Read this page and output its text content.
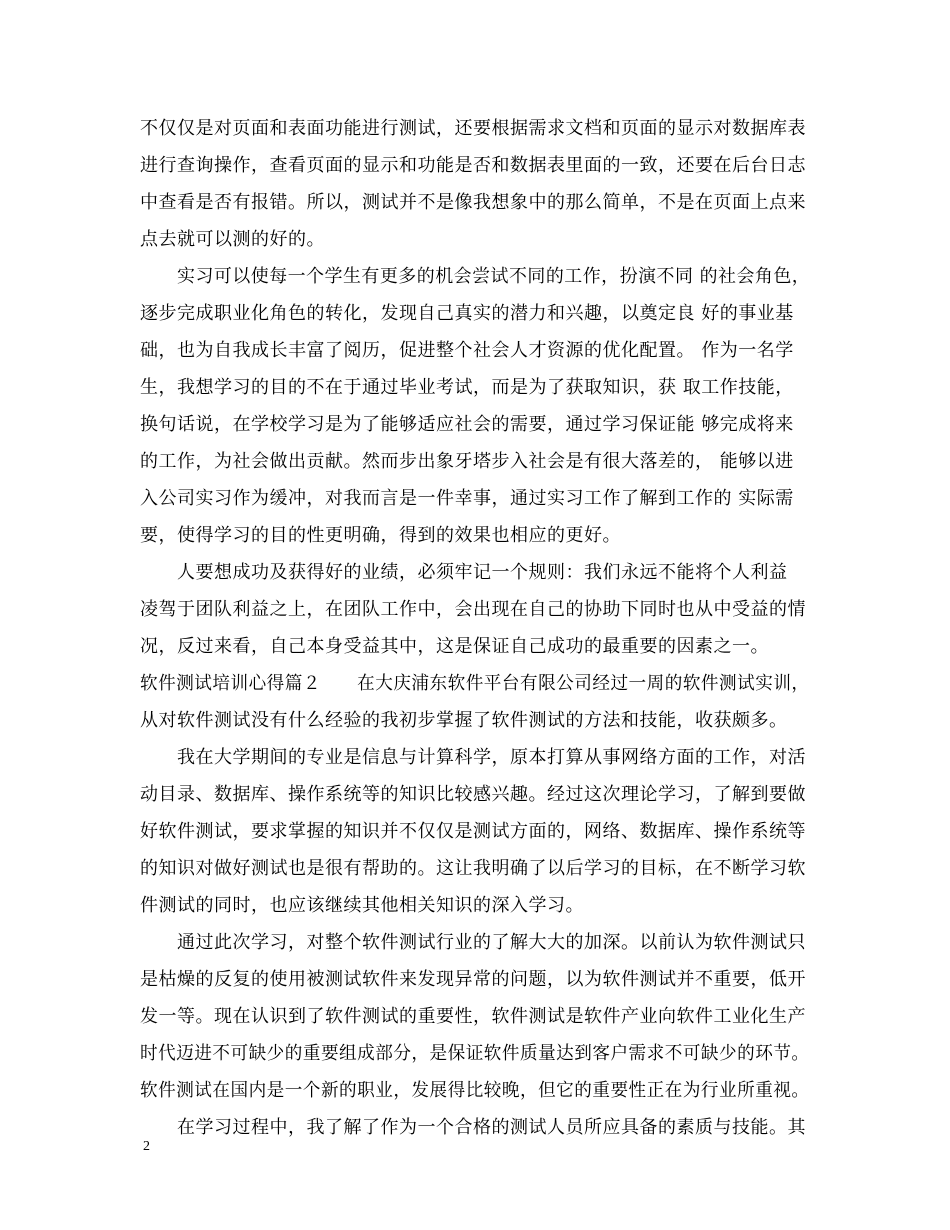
不仅仅是对页面和表面功能进行测试，还要根据需求文档和页面的显示对数据库表
进行查询操作，查看页面的显示和功能是否和数据表里面的一致，还要在后台日志
中查看是否有报错。所以，测试并不是像我想象中的那么简单，不是在页面上点来
点去就可以测的好的。
实习可以使每一个学生有更多的机会尝试不同的工作，扮演不同 的社会角色，
逐步完成职业化角色的转化，发现自己真实的潜力和兴趣，以奠定良 好的事业基
础，也为自我成长丰富了阅历，促进整个社会人才资源的优化配置。 作为一名学
生，我想学习的目的不在于通过毕业考试，而是为了获取知识，获 取工作技能，
换句话说，在学校学习是为了能够适应社会的需要，通过学习保证能 够完成将来
的工作，为社会做出贡献。然而步出象牙塔步入社会是有很大落差的， 能够以进
入公司实习作为缓冲，对我而言是一件幸事，通过实习工作了解到工作的 实际需
要，使得学习的目的性更明确，得到的效果也相应的更好。
人要想成功及获得好的业绩，必须牢记一个规则：我们永远不能将个人利益
凌驾于团队利益之上，在团队工作中，会出现在自己的协助下同时也从中受益的情
况，反过来看，自己本身受益其中，这是保证自己成功的最重要的因素之一。
软件测试培训心得篇２　　在大庆浦东软件平台有限公司经过一周的软件测试实训，
从对软件测试没有什么经验的我初步掌握了软件测试的方法和技能，收获颇多。
我在大学期间的专业是信息与计算科学，原本打算从事网络方面的工作，对活
动目录、数据库、操作系统等的知识比较感兴趣。经过这次理论学习，了解到要做
好软件测试，要求掌握的知识并不仅仅是测试方面的，网络、数据库、操作系统等
的知识对做好测试也是很有帮助的。这让我明确了以后学习的目标，在不断学习软
件测试的同时，也应该继续其他相关知识的深入学习。
通过此次学习，对整个软件测试行业的了解大大的加深。以前认为软件测试只
是枯燥的反复的使用被测试软件来发现异常的问题，以为软件测试并不重要，低开
发一等。现在认识到了软件测试的重要性，软件测试是软件产业向软件工业化生产
时代迈进不可缺少的重要组成部分，是保证软件质量达到客户需求不可缺少的环节。
软件测试在国内是一个新的职业，发展得比较晚，但它的重要性正在为行业所重视。
在学习过程中，我了解了作为一个合格的测试人员所应具备的素质与技能。其
2
